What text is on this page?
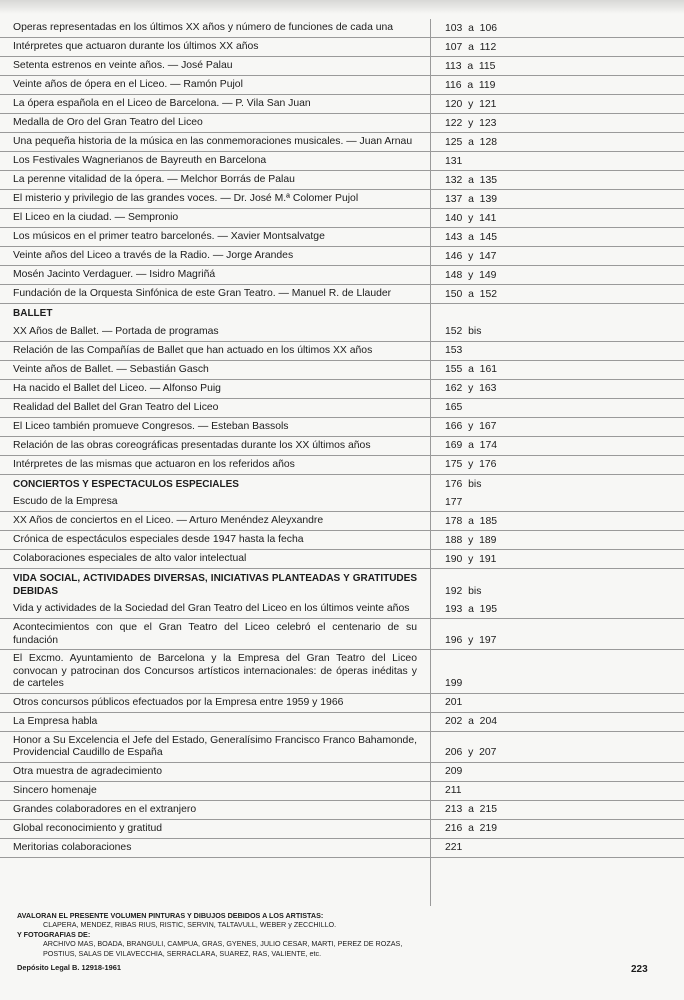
Operas representadas en los últimos XX años y número de funciones de cada una	103  a  106
Intérpretes que actuaron durante los últimos XX años	107  a  112
Setenta estrenos en veinte años. — José Palau	113  a  115
Veinte años de ópera en el Liceo. — Ramón Pujol	116  a  119
La ópera española en el Liceo de Barcelona. — P. Vila San Juan	120  y  121
Medalla de Oro del Gran Teatro del Liceo	122  y  123
Una pequeña historia de la música en las conmemoraciones musicales. — Juan Arnau	125  a  128
Los Festivales Wagnerianos de Bayreuth en Barcelona	131
La perenne vitalidad de la ópera. — Melchor Borrás de Palau	132  a  135
El misterio y privilegio de las grandes voces. — Dr. José M.ª Colomer Pujol	137  a  139
El Liceo en la ciudad. — Sempronio	140  y  141
Los músicos en el primer teatro barcelonés. — Xavier Montsalvatge	143  a  145
Veinte años del Liceo a través de la Radio. — Jorge Arandes	146  y  147
Mosén Jacinto Verdaguer. — Isidro Magriñá	148  y  149
Fundación de la Orquesta Sinfónica de este Gran Teatro. — Manuel R. de Llauder	150  a  152
BALLET
XX Años de Ballet. — Portada de programas	152  bis
Relación de las Compañías de Ballet que han actuado en los últimos XX años	153
Veinte años de Ballet. — Sebastián Gasch	155  a  161
Ha nacido el Ballet del Liceo. — Alfonso Puig	162  y  163
Realidad del Ballet del Gran Teatro del Liceo	165
El Liceo también promueve Congresos. — Esteban Bassols	166  y  167
Relación de las obras coreográficas presentadas durante los XX últimos años	169  a  174
Intérpretes de las mismas que actuaron en los referidos años	175  y  176
CONCIERTOS Y ESPECTACULOS ESPECIALES	176  bis
Escudo de la Empresa	177
XX Años de conciertos en el Liceo. — Arturo Menéndez Aleyxandre	178  a  185
Crónica de espectáculos especiales desde 1947 hasta la fecha	188  y  189
Colaboraciones especiales de alto valor intelectual	190  y  191
VIDA SOCIAL, ACTIVIDADES DIVERSAS, INICIATIVAS PLANTEADAS Y GRATITUDES DEBIDAS	192  bis
Vida y actividades de la Sociedad del Gran Teatro del Liceo en los últimos veinte años	193  a  195
Acontecimientos con que el Gran Teatro del Liceo celebró el centenario de su fundación	196  y  197
El Excmo. Ayuntamiento de Barcelona y la Empresa del Gran Teatro del Liceo convocan y patrocinan dos Concursos artísticos internacionales: de óperas inéditas y de carteles	199
Otros concursos públicos efectuados por la Empresa entre 1959 y 1966	201
La Empresa habla	202  a  204
Honor a Su Excelencia el Jefe del Estado, Generalísimo Francisco Franco Bahamonde, Providencial Caudillo de España	206  y  207
Otra muestra de agradecimiento	209
Sincero homenaje	211
Grandes colaboradores en el extranjero	213  a  215
Global reconocimiento y gratitud	216  a  219
Meritorias colaboraciones	221
AVALORAN EL PRESENTE VOLUMEN PINTURAS Y DIBUJOS DEBIDOS A LOS ARTISTAS:
CLAPERA, MENDEZ, RIBAS RIUS, RISTIC, SERVIN, TALTAVULL, WEBER y ZECCHILLO.
Y FOTOGRAFIAS DE:
ARCHIVO MAS, BOADA, BRANGULI, CAMPUA, GRAS, GYENES, JULIO CESAR, MARTI, PEREZ DE ROZAS, POSTIUS, SALAS DE VILAVECCHIA, SERRACLARA, SUAREZ, RAS, VALIENTE, etc.
Depósito Legal B. 12918-1961	223
